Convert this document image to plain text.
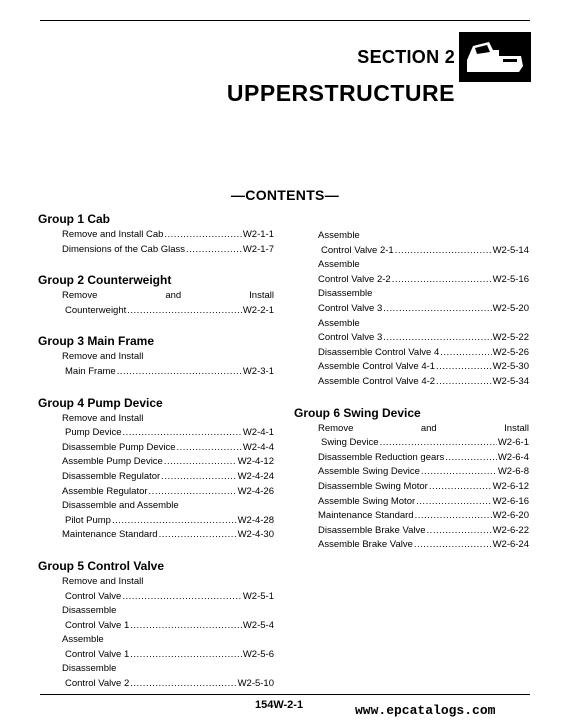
SECTION 2
UPPERSTRUCTURE
—CONTENTS—
Group 1 Cab
Remove and Install Cab .....	W2-1-1
Dimensions of the Cab Glass .....	W2-1-7
Group 2 Counterweight
Remove	and	Install
Counterweight .....	W2-2-1
Group 3 Main Frame
Remove and Install
Main Frame .....	W2-3-1
Group 4 Pump Device
Remove and Install
Pump Device .....	W2-4-1
Disassemble Pump Device .....	W2-4-4
Assemble Pump Device .....	W2-4-12
Disassemble Regulator .....	W2-4-24
Assemble Regulator .....	W2-4-26
Disassemble and Assemble
Pilot Pump .....	W2-4-28
Maintenance Standard .....	W2-4-30
Group 5 Control Valve
Remove and Install
Control Valve .....	W2-5-1
Disassemble
Control Valve 1 .....	W2-5-4
Assemble
Control Valve 1 .....	W2-5-6
Disassemble
Control Valve 2 .....	W2-5-10
Assemble
Control Valve 2-1 .....	W2-5-14
Assemble
Control Valve 2-2 .....	W2-5-16
Disassemble
Control Valve 3 .....	W2-5-20
Assemble
Control Valve 3 .....	W2-5-22
Disassemble Control Valve 4 .....	W2-5-26
Assemble Control Valve 4-1 .....	W2-5-30
Assemble Control Valve 4-2 .....	W2-5-34
Group 6 Swing Device
Remove	and	Install
Swing Device .....	W2-6-1
Disassemble Reduction gears .....	W2-6-4
Assemble Swing Device .....	W2-6-8
Disassemble Swing Motor .....	W2-6-12
Assemble Swing Motor .....	W2-6-16
Maintenance Standard .....	W2-6-20
Disassemble Brake Valve .....	W2-6-22
Assemble Brake Valve .....	W2-6-24
154W-2-1	www.epcatalogs.com
